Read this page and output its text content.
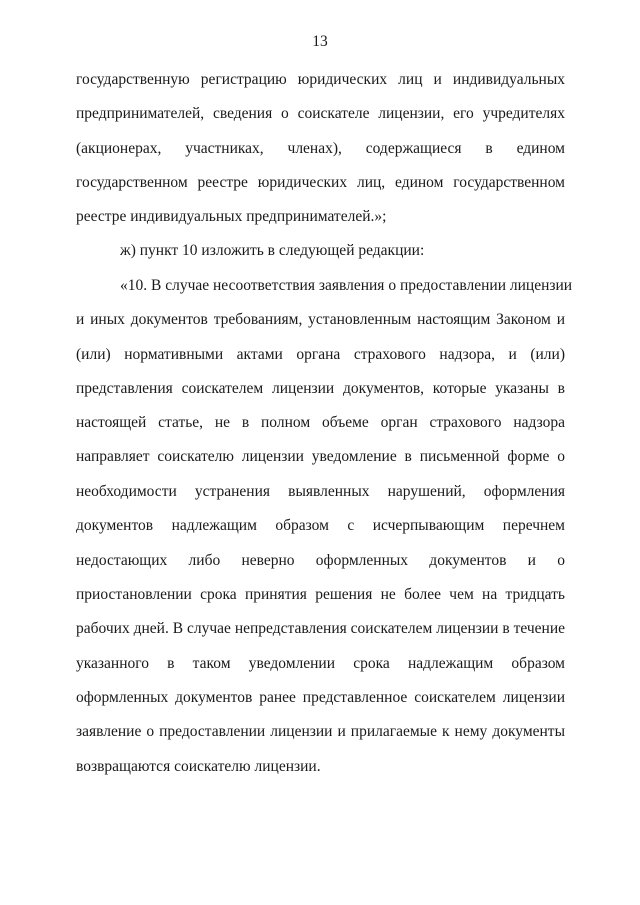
13
государственную регистрацию юридических лиц и индивидуальных
предпринимателей, сведения о соискателе лицензии, его учредителях
(акционерах, участниках, членах), содержащиеся в едином
государственном реестре юридических лиц, едином государственном
реестре индивидуальных предпринимателей.»;
ж) пункт 10 изложить в следующей редакции:
«10. В случае несоответствия заявления о предоставлении лицензии
и иных документов требованиям, установленным настоящим Законом и
(или) нормативными актами органа страхового надзора, и (или)
представления соискателем лицензии документов, которые указаны в
настоящей статье, не в полном объеме орган страхового надзора
направляет соискателю лицензии уведомление в письменной форме о
необходимости устранения выявленных нарушений, оформления
документов надлежащим образом с исчерпывающим перечнем
недостающих либо неверно оформленных документов и о
приостановлении срока принятия решения не более чем на тридцать
рабочих дней. В случае непредставления соискателем лицензии в течение
указанного в таком уведомлении срока надлежащим образом
оформленных документов ранее представленное соискателем лицензии
заявление о предоставлении лицензии и прилагаемые к нему документы
возвращаются соискателю лицензии.
